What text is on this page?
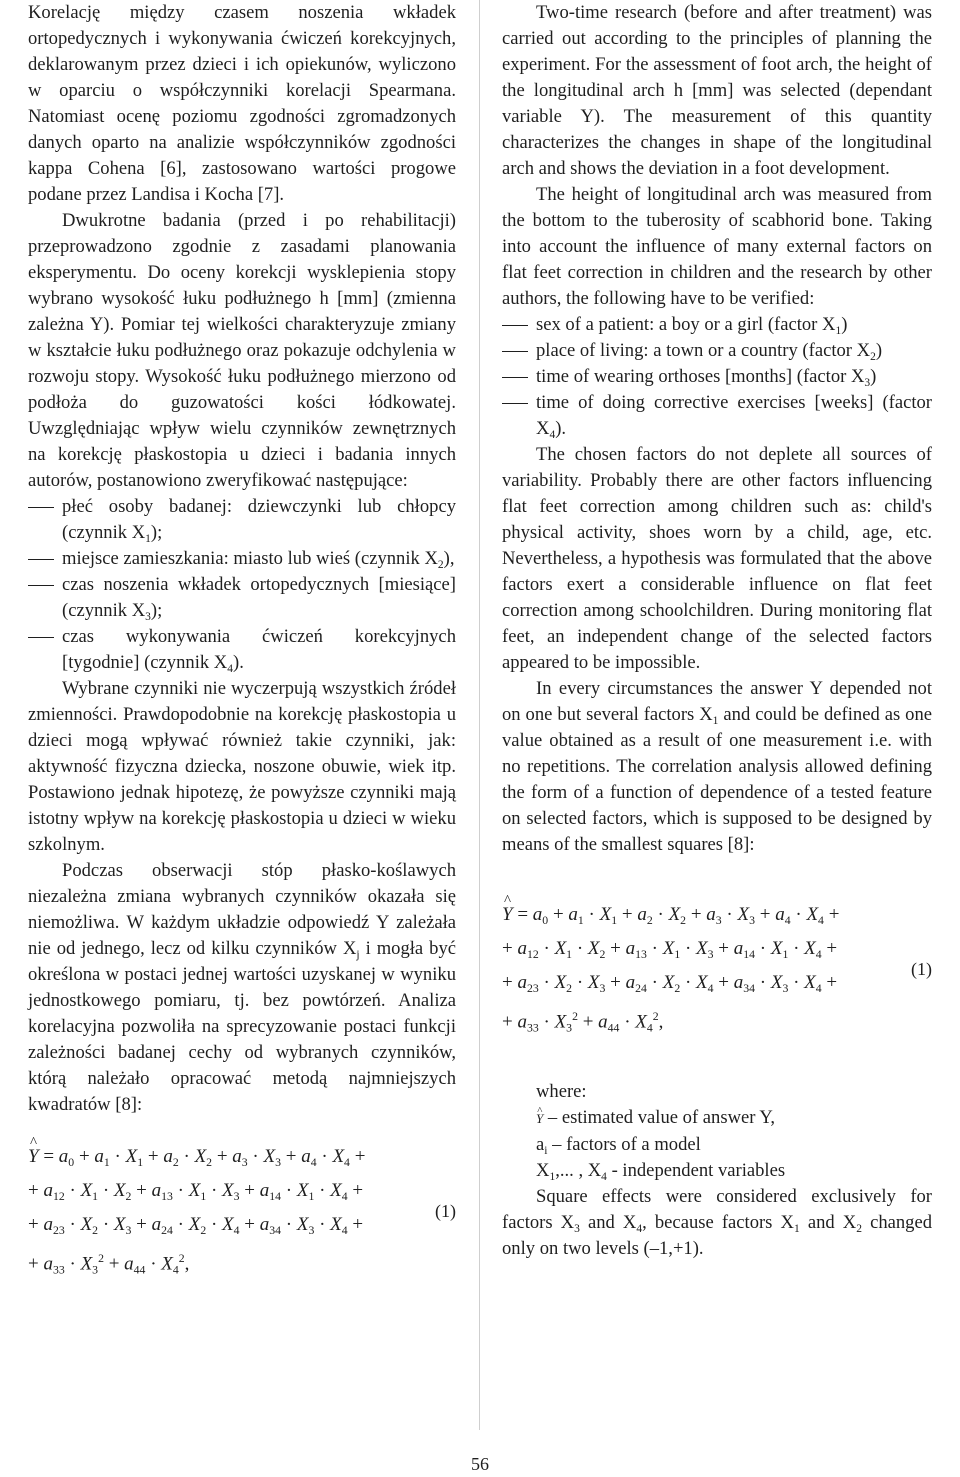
Korelację między czasem noszenia wkładek ortopedycznych i wykonywania ćwiczeń korekcyjnych, deklarowanym przez dzieci i ich opiekunów, wyliczono w oparciu o współczynniki korelacji Spearmana. Natomiast ocenę poziomu zgodności zgromadzonych danych oparto na analizie współczynników zgodności kappa Cohena [6], zastosowano wartości progowe podane przez Landisa i Kocha [7].

Dwukrotne badania (przed i po rehabilitacji) przeprowadzono zgodnie z zasadami planowania eksperymentu. Do oceny korekcji wysklepienia stopy wybrano wysokość łuku podłużnego h [mm] (zmienna zależna Y). Pomiar tej wielkości charakteryzuje zmiany w kształcie łuku podłużnego oraz pokazuje odchylenia w rozwoju stopy. Wysokość łuku podłużnego mierzono od podłoża do guzowatości kości łódkowatej. Uwzględniając wpływ wielu czynników zewnętrznych na korekcję płaskostopia u dzieci i badania innych autorów, postanowiono zweryfikować następujące:

płeć osoby badanej: dziewczynki lub chłopcy (czynnik $X_1$);
miejsce zamieszkania: miasto lub wieś (czynnik $X_2$),
czas noszenia wkładek ortopedycznych [miesiące] (czynnik $X_3$);
czas wykonywania ćwiczeń korekcyjnych [tygodnie] (czynnik $X_4$).

Wybrane czynniki nie wyczerpują wszystkich źródeł zmienności. Prawdopodobnie na korekcję płaskostopia u dzieci mogą wpływać również takie czynniki, jak: aktywność fizyczna dziecka, noszone obuwie, wiek itp. Postawiono jednak hipotezę, że powyższe czynniki mają istotny wpływ na korekcję płaskostopia u dzieci w wieku szkolnym.

Podczas obserwacji stóp płasko-koślawych niezależna zmiana wybranych czynników okazała się niemożliwa. W każdym układzie odpowiedź Y zależała nie od jednego, lecz od kilku czynników $X_j$ i mogła być określona w postaci jednej wartości uzyskanej w wyniku jednostkowego pomiaru, tj. bez powtórzeń. Analiza korelacyjna pozwoliła na sprecyzowanie postaci funkcji zależności badanej cechy od wybranych czynników, którą należało opracować metodą najmniejszych kwadratów [8]:

^ $Y = a_0 + a_1 \cdot X_1 + a_2 \cdot X_2 + a_3 \cdot X_3 + a_4 \cdot X_4$ +
+ $a_{12} \cdot X_1 \cdot X_2 + a_{13} \cdot X_1 \cdot X_3 + a_{14} \cdot X_1 \cdot X_4$ +
+ $a_{23} \cdot X_2 \cdot X_3 + a_{24} \cdot X_2 \cdot X_4 + a_{34} \cdot X_3 \cdot X_4$ +
+ $a_{33} \cdot X_3^2 + a_{44} \cdot X_4^2$,
(1)

Two-time research (before and after treatment) was carried out according to the principles of planning the experiment. For the assessment of foot arch, the height of the longitudinal arch h [mm] was selected (dependant variable Y). The measurement of this quantity characterizes the changes in shape of the longitudinal arch and shows the deviation in a foot development.

The height of longitudinal arch was measured from the bottom to the tuberosity of scabhorid bone. Taking into account the influence of many external factors on flat feet correction in children and the research by other authors, the following have to be verified:

sex of a patient: a boy or a girl (factor $X_1$)
place of living: a town or a country (factor $X_2$)
time of wearing orthoses [months] (factor $X_3$)
time of doing corrective exercises [weeks] (factor $X_4$).

The chosen factors do not deplete all sources of variability. Probably there are other factors influencing flat feet correction among children such as: child's physical activity, shoes worn by a child, age, etc. Nevertheless, a hypothesis was formulated that the above factors exert a considerable influence on flat feet correction among schoolchildren. During monitoring flat feet, an independent change of the selected factors appeared to be impossible.

In every circumstances the answer Y depended not on one but several factors $X_1$ and could be defined as one value obtained as a result of one measurement i.e. with no repetitions. The correlation analysis allowed defining the form of a function of dependence of a tested feature on selected factors, which is supposed to be designed by means of the smallest squares [8]:

^ $Y = a_0 + a_1 \cdot X_1 + a_2 \cdot X_2 + a_3 \cdot X_3 + a_4 \cdot X_4$ +
+ $a_{12} \cdot X_1 \cdot X_2 + a_{13} \cdot X_1 \cdot X_3 + a_{14} \cdot X_1 \cdot X_4$ +
+ $a_{23} \cdot X_2 \cdot X_3 + a_{24} \cdot X_2 \cdot X_4 + a_{34} \cdot X_3 \cdot X_4$ +
+ $a_{33} \cdot X_3^2 + a_{44} \cdot X_4^2$,
(1)
where:
^ Y – estimated value of answer Y,
$a_i$ – factors of a model
$X_1$,... , $X_4$ - independent variables

Square effects were considered exclusively for factors $X_3$ and $X_4$, because factors $X_1$ and $X_2$ changed only on two levels (–1,+1).

56
